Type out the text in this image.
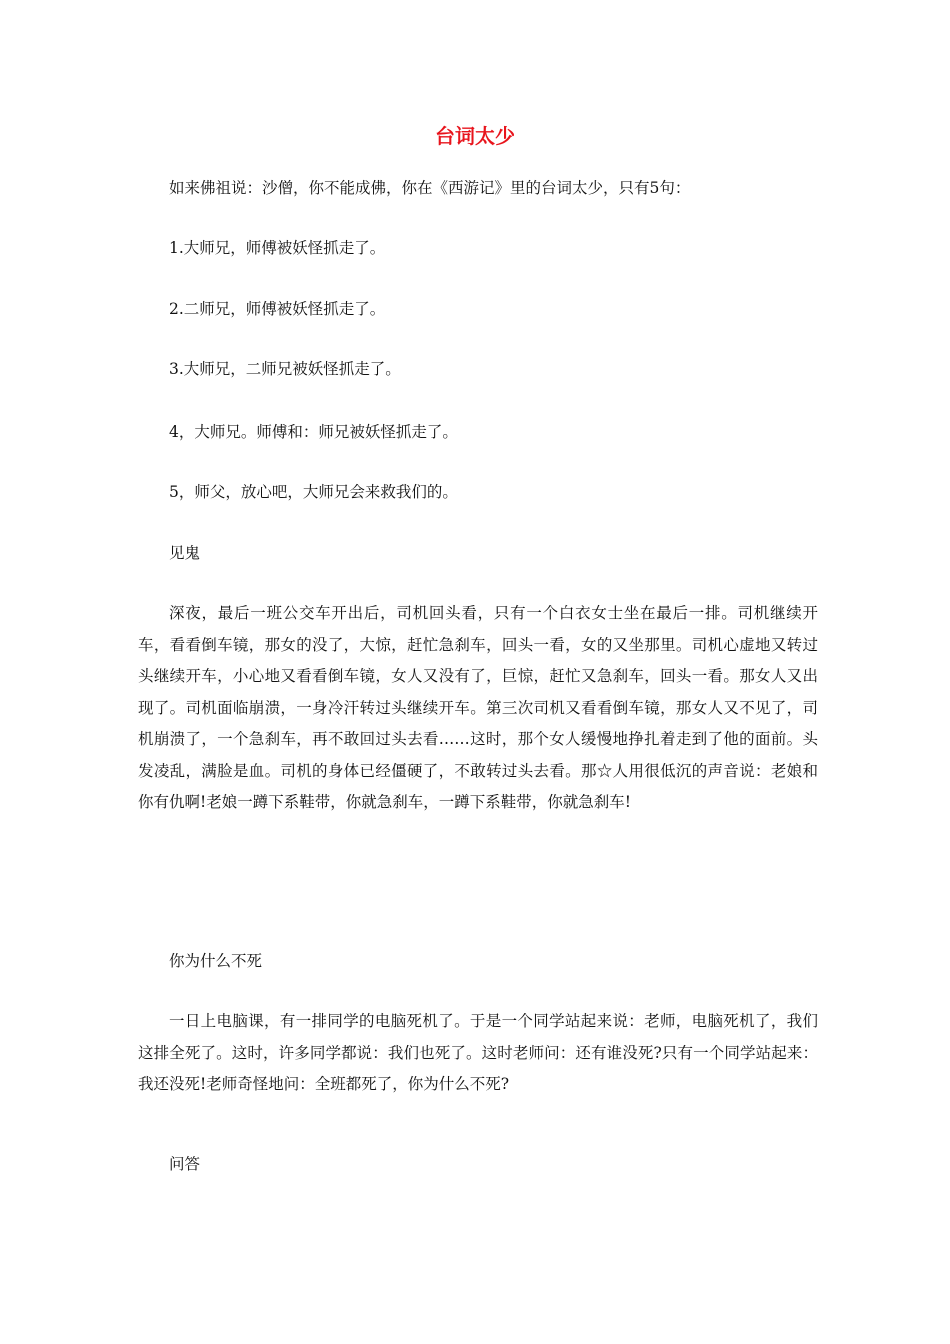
台词太少

如来佛祖说：沙僧，你不能成佛，你在《西游记》里的台词太少，只有5句：

1.大师兄，师傅被妖怪抓走了。

2.二师兄，师傅被妖怪抓走了。

3.大师兄，二师兄被妖怪抓走了。

4，大师兄。师傅和：师兄被妖怪抓走了。

5，师父，放心吧，大师兄会来救我们的。

见鬼

深夜，最后一班公交车开出后，司机回头看，只有一个白衣女士坐在最后一排。司机继续开车，看看倒车镜，那女的没了，大惊，赶忙急刹车，回头一看，女的又坐那里。司机心虚地又转过头继续开车，小心地又看看倒车镜，女人又没有了，巨惊，赶忙又急刹车，回头一看。那女人又出现了。司机面临崩溃，一身冷汗转过头继续开车。第三次司机又看看倒车镜，那女人又不见了，司机崩溃了，一个急刹车，再不敢回过头去看……这时，那个女人缓慢地挣扎着走到了他的面前。头发凌乱，满脸是血。司机的身体已经僵硬了，不敢转过头去看。那☆人用很低沉的声音说：老娘和你有仇啊!老娘一蹲下系鞋带，你就急刹车，一蹲下系鞋带，你就急刹车!

你为什么不死

一日上电脑课，有一排同学的电脑死机了。于是一个同学站起来说：老师，电脑死机了，我们这排全死了。这时，许多同学都说：我们也死了。这时老师问：还有谁没死?只有一个同学站起来：我还没死!老师奇怪地问：全班都死了，你为什么不死?

问答
